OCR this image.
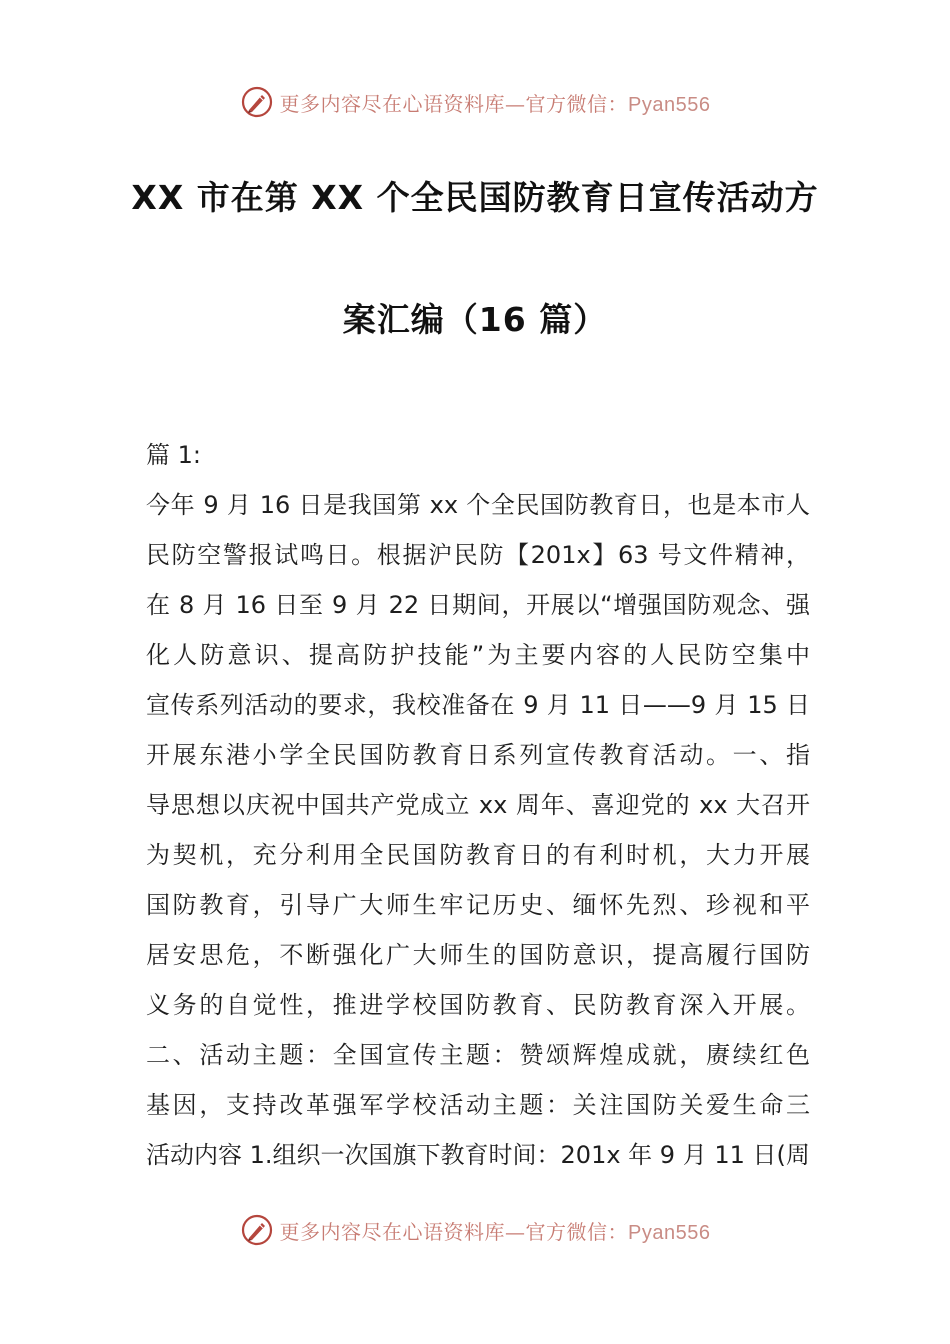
更多内容尽在心语资料库—官方微信：Pyan556
XX 市在第 XX 个全民国防教育日宣传活动方
案汇编（16 篇）
篇 1:
今年 9 月 16 日是我国第 xx 个全民国防教育日，也是本市人
民防空警报试鸣日。根据沪民防【201x】63 号文件精神，
在 8 月 16 日至 9 月 22 日期间，开展以“增强国防观念、强
化人防意识、提高防护技能”为主要内容的人民防空集中
宣传系列活动的要求，我校准备在 9 月 11 日——9 月 15 日
开展东港小学全民国防教育日系列宣传教育活动。一、指
导思想以庆祝中国共产党成立 xx 周年、喜迎党的 xx 大召开
为契机，充分利用全民国防教育日的有利时机，大力开展
国防教育，引导广大师生牢记历史、缅怀先烈、珍视和平
居安思危，不断强化广大师生的国防意识，提高履行国防
义务的自觉性，推进学校国防教育、民防教育深入开展。
二、活动主题：全国宣传主题：赞颂辉煌成就，赓续红色
基因，支持改革强军学校活动主题：关注国防关爱生命三
活动内容 1.组织一次国旗下教育时间：201x 年 9 月 11 日(周
更多内容尽在心语资料库—官方微信：Pyan556
